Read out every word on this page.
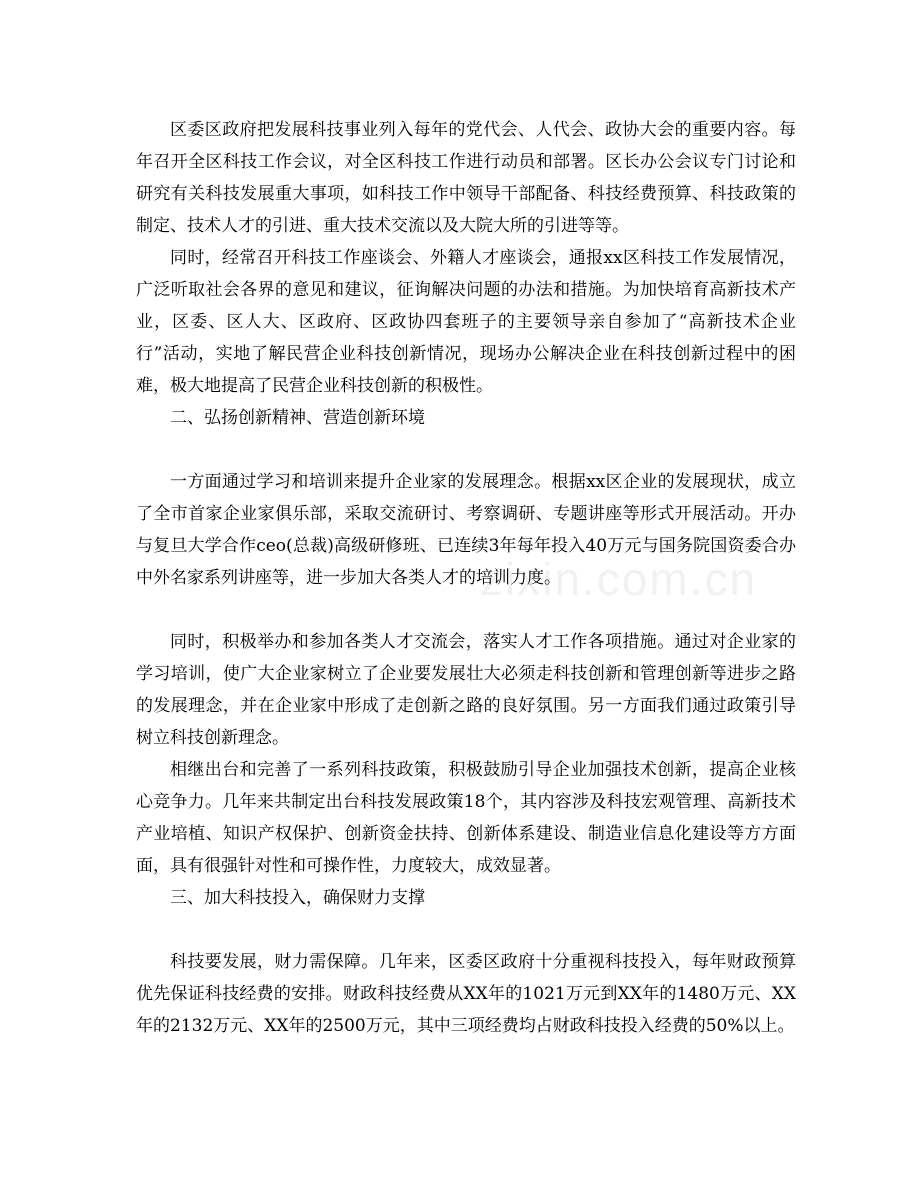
区委区政府把发展科技事业列入每年的党代会、人代会、政协大会的重要内容。每年召开全区科技工作会议，对全区科技工作进行动员和部署。区长办公会议专门讨论和研究有关科技发展重大事项，如科技工作中领导干部配备、科技经费预算、科技政策的制定、技术人才的引进、重大技术交流以及大院大所的引进等等。

同时，经常召开科技工作座谈会、外籍人才座谈会，通报xx区科技工作发展情况，广泛听取社会各界的意见和建议，征询解决问题的办法和措施。为加快培育高新技术产业，区委、区人大、区政府、区政协四套班子的主要领导亲自参加了“高新技术企业行”活动，实地了解民营企业科技创新情况，现场办公解决企业在科技创新过程中的困难，极大地提高了民营企业科技创新的积极性。

二、弘扬创新精神、营造创新环境

一方面通过学习和培训来提升企业家的发展理念。根据xx区企业的发展现状，成立了全市首家企业家俱乐部，采取交流研讨、考察调研、专题讲座等形式开展活动。开办与复旦大学合作ceo(总裁)高级研修班、已连续3年每年投入40万元与国务院国资委合办中外名家系列讲座等，进一步加大各类人才的培训力度。

同时，积极举办和参加各类人才交流会，落实人才工作各项措施。通过对企业家的学习培训，使广大企业家树立了企业要发展壮大必须走科技创新和管理创新等进步之路的发展理念，并在企业家中形成了走创新之路的良好氛围。另一方面我们通过政策引导树立科技创新理念。

相继出台和完善了一系列科技政策，积极鼓励引导企业加强技术创新，提高企业核心竞争力。几年来共制定出台科技发展政策18个，其内容涉及科技宏观管理、高新技术产业培植、知识产权保护、创新资金扶持、创新体系建设、制造业信息化建设等方方面面，具有很强针对性和可操作性，力度较大，成效显著。

三、加大科技投入，确保财力支撑

科技要发展，财力需保障。几年来，区委区政府十分重视科技投入，每年财政预算优先保证科技经费的安排。财政科技经费从XX年的1021万元到XX年的1480万元、XX年的2132万元、XX年的2500万元，其中三项经费均占财政科技投入经费的50%以上。

zixin.com.cn
